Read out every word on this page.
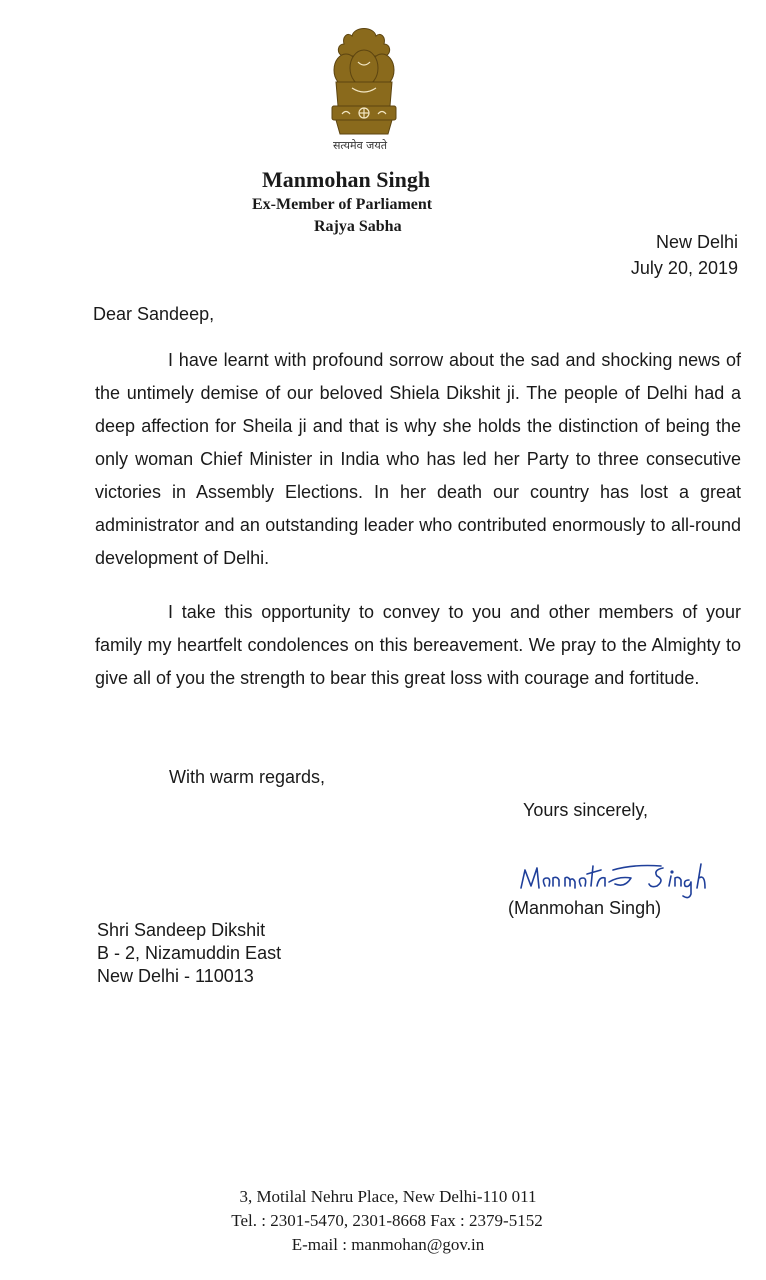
सत्यमेव जयते
Manmohan Singh
Ex-Member of Parliament
Rajya Sabha
New Delhi
July 20, 2019
Dear Sandeep,

I have learnt with profound sorrow about the sad and shocking news of the untimely demise of our beloved Shiela Dikshit ji. The people of Delhi had a deep affection for Sheila ji and that is why she holds the distinction of being the only woman Chief Minister in India who has led her Party to three consecutive victories in Assembly Elections. In her death our country has lost a great administrator and an outstanding leader who contributed enormously to all-round development of Delhi.

I take this opportunity to convey to you and other members of your family my heartfelt condolences on this bereavement. We pray to the Almighty to give all of you the strength to bear this great loss with courage and fortitude.

With warm regards,
Yours sincerely,
(Manmohan Singh)
Shri Sandeep Dikshit
B - 2, Nizamuddin East
New Delhi - 110013
3, Motilal Nehru Place, New Delhi-110 011
Tel. : 2301-5470, 2301-8668 Fax : 2379-5152
E-mail : manmohan@gov.in
